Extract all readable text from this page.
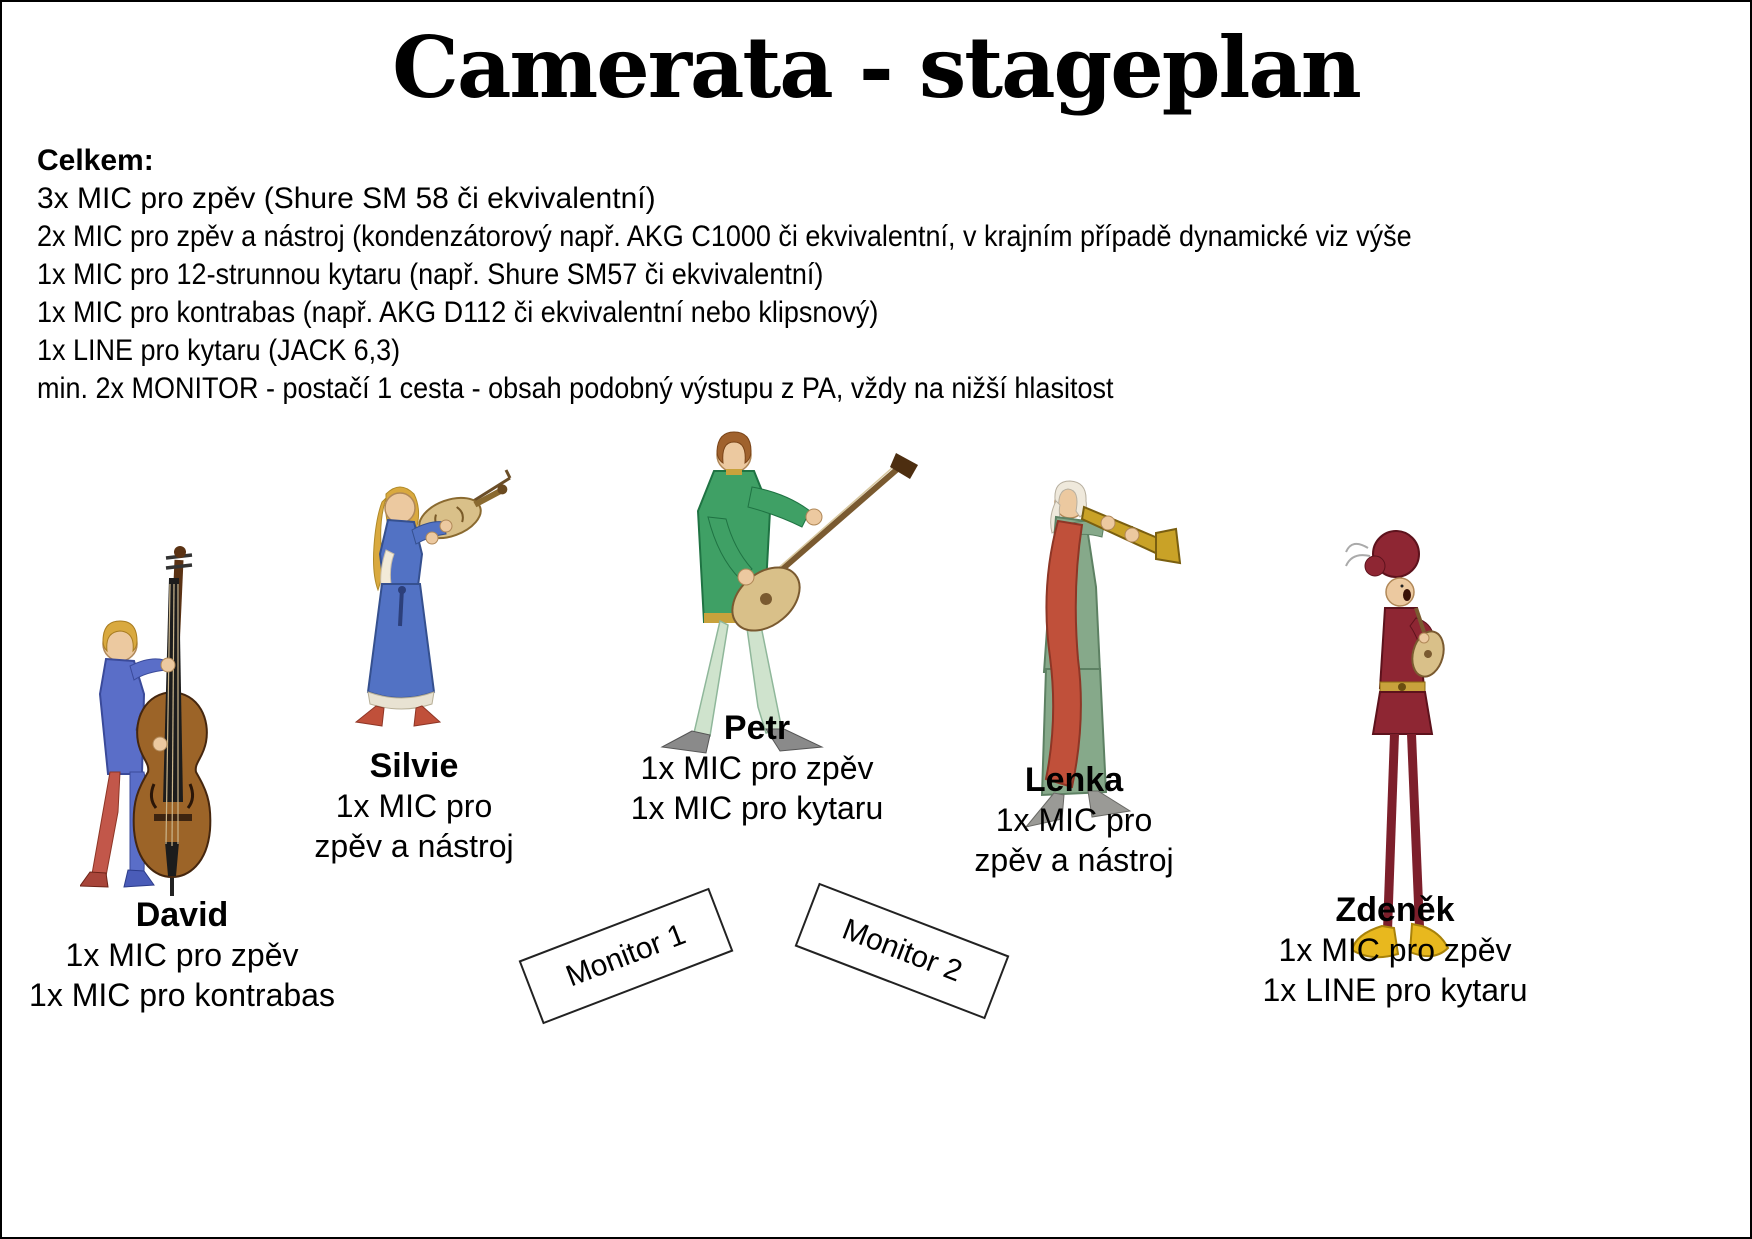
Camerata - stageplan
Celkem:
3x MIC pro zpěv (Shure SM 58 či ekvivalentní)
2x MIC pro zpěv a nástroj (kondenzátorový např. AKG C1000 či ekvivalentní, v krajním případě dynamické viz výše
1x MIC pro 12-strunnou kytaru (např. Shure SM57 či ekvivalentní)
1x MIC pro kontrabas (např. AKG D112 či ekvivalentní nebo klipsnový)
1x LINE pro kytaru (JACK 6,3)
min. 2x MONITOR - postačí 1 cesta - obsah podobný výstupu z PA, vždy na nižší hlasitost
David
1x MIC pro zpěv
1x MIC pro kontrabas
Silvie
1x MIC pro
zpěv a nástroj
Petr
1x MIC pro zpěv
1x MIC pro kytaru
Lenka
1x MIC pro
zpěv a nástroj
Zdeněk
1x MIC pro zpěv
1x LINE pro kytaru
Monitor 1	Monitor 2
